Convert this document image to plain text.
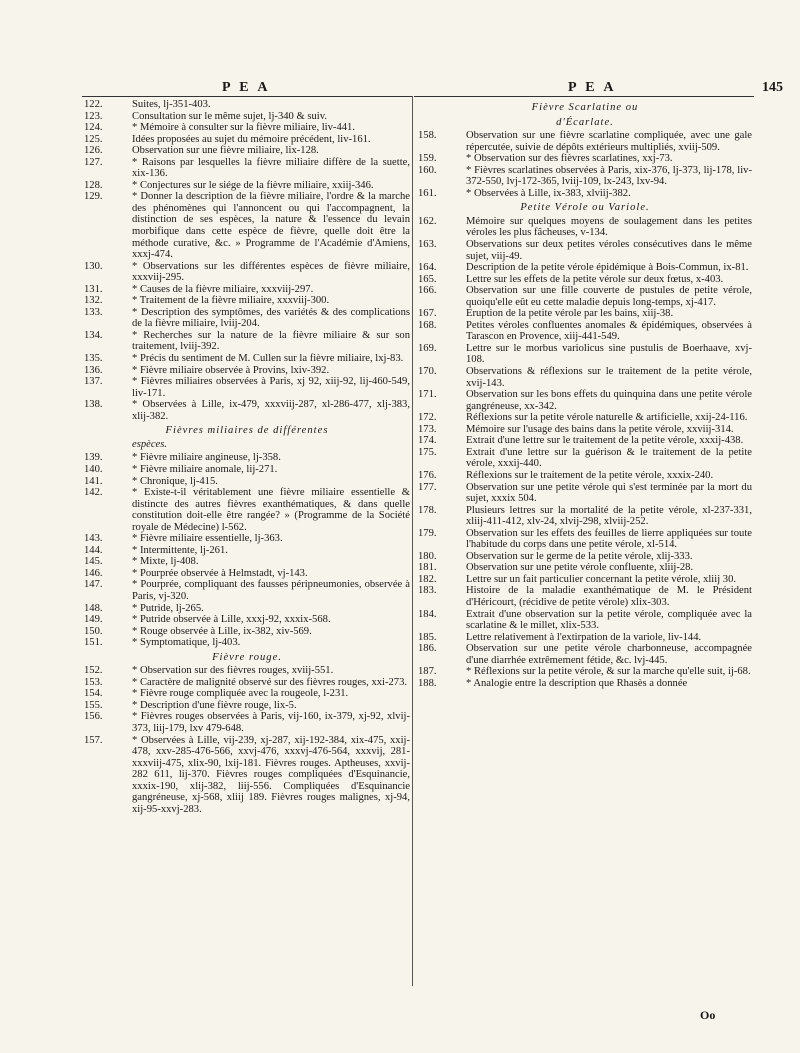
P E A	P E A	145
122.	Suites, lj-351-403.
123.	Consultation sur le même sujet, lj-340 & suiv.
124.	* Mémoire à consulter sur la fièvre miliaire, liv-441.
125.	Idées proposées au sujet du mémoire précédent, liv-161.
126.	Observation sur une fièvre miliaire, lix-128.
127.	* Raisons par lesquelles la fièvre miliaire diffère de la suette, xix-136.
128.	* Conjectures sur le siége de la fièvre miliaire, xxiij-346.
129.	* Donner la description de la fièvre miliaire, l'ordre & la marche des phénomènes qui l'annoncent ou qui l'accompagnent, la distinction de ses espèces, la nature & l'essence du levain morbifique dans cette espèce de fièvre, quelle doit être la méthode curative, &c. » Programme de l'Académie d'Amiens, xxxj-474.
130.	* Observations sur les différentes espèces de fièvre miliaire, xxxviij-295.
131.	* Causes de la fièvre miliaire, xxxviij-297.
132.	* Traitement de la fièvre miliaire, xxxviij-300.
133.	* Description des symptômes, des variétés & des complications de la fièvre miliaire, lviij-204.
134.	* Recherches sur la nature de la fièvre miliaire & sur son traitement, lviij-392.
135.	* Précis du sentiment de M. Cullen sur la fièvre miliaire, lxj-83.
136.	* Fièvre miliaire observée à Provins, lxiv-392.
137.	* Fièvres miliaires observées à Paris, xj 92, xiij-92, lij-460-549, liv-171.
138.	* Observées à Lille, ix-479, xxxviij-287, xl-286-477, xlj-383, xlij-382.
Fièvres miliaires de différentes
espèces.
139.	* Fièvre miliaire angineuse, lj-358.
140.	* Fièvre miliaire anomale, lij-271.
141.	* Chronique, lj-415.
142.	* Existe-t-il véritablement une fièvre miliaire essentielle & distincte des autres fièvres exanthématiques, & dans quelle constitution doit-elle être rangée? » (Programme de la Société royale de Médecine) l-562.
143.	* Fièvre miliaire essentielle, lj-363.
144.	* Intermittente, lj-261.
145.	* Mixte, lj-408.
146.	* Pourprée observée à Helmstadt, vj-143.
147.	* Pourprée, compliquant des fausses péripneumonies, observée à Paris, vj-320.
148.	* Putride, lj-265.
149.	* Putride observée à Lille, xxxj-92, xxxix-568.
150.	* Rouge observée à Lille, ix-382, xiv-569.
151.	* Symptomatique, lj-403.
Fièvre rouge.
152.	* Observation sur des fièvres rouges, xviij-551.
153.	* Caractère de malignité observé sur des fièvres rouges, xxi-273.
154.	* Fièvre rouge compliquée avec la rougeole, l-231.
155.	* Description d'une fièvre rouge, lix-5.
156.	* Fièvres rouges observées à Paris, vij-160, ix-379, xj-92, xlvij-373, liij-179, lxv 479-648.
157.	* Observées à Lille, vij-239, xj-287, xij-192-384, xix-475, xxij-478, xxv-285-476-566, xxvj-476, xxxvj-476-564, xxxvij, 281-xxxviij-475, xlix-90, lxij-181. Fièvres rouges. Aptheuses, xxvij-282 611, lij-370. Fièvres rouges compliquées d'Esquinancie, xxxix-190, xlij-382, liij-556. Compliquées d'Esquinancie gangréneuse, xj-568, xliij 189. Fièvres rouges malignes, xj-94, xij-95-xxvj-283.
Fièvre Scarlatine ou
d'Écarlate.
158.	Observation sur une fièvre scarlatine compliquée, avec une gale répercutée, suivie de dépôts extérieurs multipliés, xviij-509.
159.	* Observation sur des fièvres scarlatines, xxj-73.
160.	* Fièvres scarlatines observées à Paris, xix-376, lj-373, lij-178, liv-372-550, lvj-172-365, lviij-109, lx-243, lxv-94.
161.	* Observées à Lille, ix-383, xlviij-382.
Petite Vérole ou Variole.
162.	Mémoire sur quelques moyens de soulagement dans les petites véroles les plus fâcheuses, v-134.
163.	Observations sur deux petites véroles consécutives dans le même sujet, viij-49.
164.	Description de la petite vérole épidémique à Bois-Commun, ix-81.
165.	Lettre sur les effets de la petite vérole sur deux fœtus, x-403.
166.	Observation sur une fille couverte de pustules de petite vérole, quoiqu'elle eût eu cette maladie depuis long-temps, xj-417.
167.	Eruption de la petite vérole par les bains, xiij-38.
168.	Petites véroles confluentes anomales & épidémiques, observées à Tarascon en Provence, xiij-441-549.
169.	Lettre sur le morbus variolicus sine pustulis de Boerhaave, xvj-108.
170.	Observations & réflexions sur le traitement de la petite vérole, xvij-143.
171.	Observation sur les bons effets du quinquina dans une petite vérole gangréneuse, xx-342.
172.	Réflexions sur la petite vérole naturelle & artificielle, xxij-24-116.
173.	Mémoire sur l'usage des bains dans la petite vérole, xxviij-314.
174.	Extrait d'une lettre sur le traitement de la petite vérole, xxxij-438.
175.	Extrait d'une lettre sur la guérison & le traitement de la petite vérole, xxxij-440.
176.	Réflexions sur le traitement de la petite vérole, xxxix-240.
177.	Observation sur une petite vérole qui s'est terminée par la mort du sujet, xxxix 504.
178.	Plusieurs lettres sur la mortalité de la petite vérole, xl-237-331, xliij-411-412, xlv-24, xlvij-298, xlviij-252.
179.	Observation sur les effets des feuilles de lierre appliquées sur toute l'habitude du corps dans une petite vérole, xl-514.
180.	Observation sur le germe de la petite vérole, xlij-333.
181.	Observation sur une petite vérole confluente, xliij-28.
182.	Lettre sur un fait particulier concernant la petite vérole, xliij 30.
183.	Histoire de la maladie exanthématique de M. le Président d'Héricourt, (récidive de petite vérole) xlix-303.
184.	Extrait d'une observation sur la petite vérole, compliquée avec la scarlatine & le millet, xlix-533.
185.	Lettre relativement à l'extirpation de la variole, liv-144.
186.	Observation sur une petite vérole charbonneuse, accompagnée d'une diarrhée extrêmement fétide, &c. lvj-445.
187.	* Réflexions sur la petite vérole, & sur la marche qu'elle suit, ij-68.
188.	* Analogie entre la description que Rhasès a donnée
Oo
